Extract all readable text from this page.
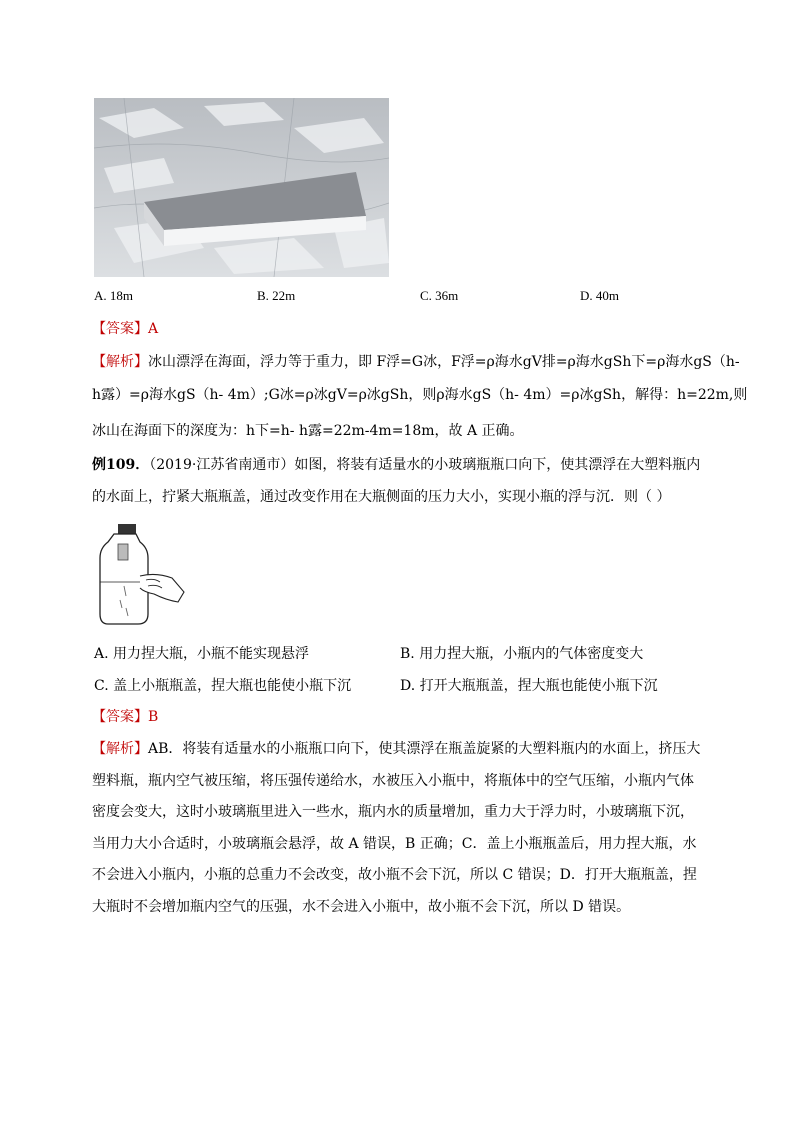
A. 18m	B. 22m	C. 36m	D. 40m
【答案】A
【解析】冰山漂浮在海面，浮力等于重力，即 F浮=G冰，F浮=ρ海水gV排=ρ海水gSh下=ρ海水gS（h-
h露）=ρ海水gS（h- 4m）;G冰=ρ冰gV=ρ冰gSh，则ρ海水gS（h- 4m）=ρ冰gSh，解得：h=22m,则
冰山在海面下的深度为：h下=h- h露=22m-4m=18m，故 A 正确。
例109．（2019·江苏省南通市）如图，将装有适量水的小玻璃瓶瓶口向下，使其漂浮在大塑料瓶内
的水面上，拧紧大瓶瓶盖，通过改变作用在大瓶侧面的压力大小，实现小瓶的浮与沉．则（ ）
A. 用力捏大瓶，小瓶不能实现悬浮	B. 用力捏大瓶，小瓶内的气体密度变大
C. 盖上小瓶瓶盖，捏大瓶也能使小瓶下沉	D. 打开大瓶瓶盖，捏大瓶也能使小瓶下沉
【答案】B
【解析】AB．将装有适量水的小瓶瓶口向下，使其漂浮在瓶盖旋紧的大塑料瓶内的水面上，挤压大塑料瓶，瓶内空气被压缩，将压强传递给水，水被压入小瓶中，将瓶体中的空气压缩，小瓶内气体密度会变大，这时小玻璃瓶里进入一些水，瓶内水的质量增加，重力大于浮力时，小玻璃瓶下沉，当用力大小合适时，小玻璃瓶会悬浮，故 A 错误，B 正确；C．盖上小瓶瓶盖后，用力捏大瓶，水不会进入小瓶内，小瓶的总重力不会改变，故小瓶不会下沉，所以 C 错误；D．打开大瓶瓶盖，捏大瓶时不会增加瓶内空气的压强，水不会进入小瓶中，故小瓶不会下沉，所以 D 错误。
